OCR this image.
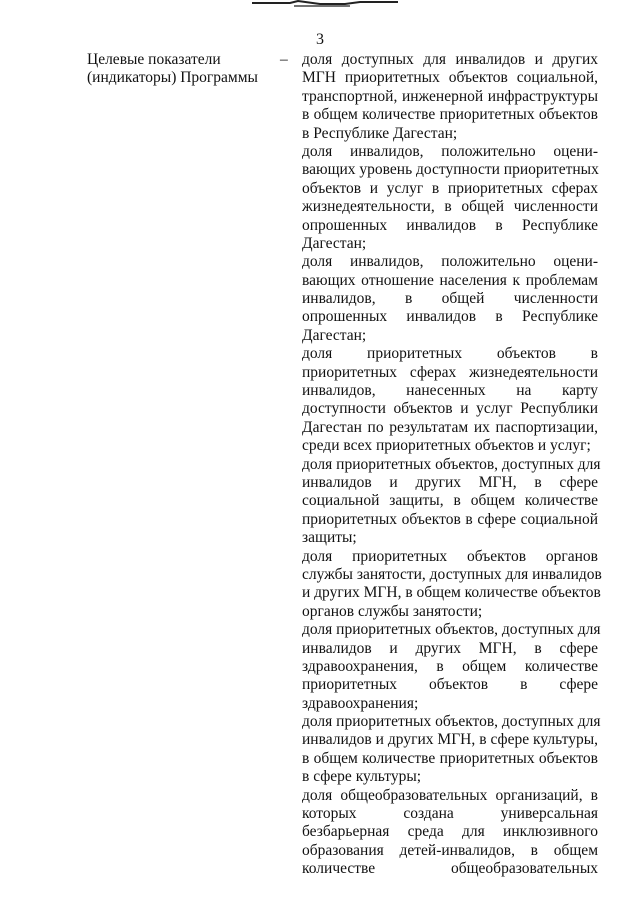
3
Целевые показатели
(индикаторы) Программы
– доля доступных для инвалидов и других
МГН приоритетных объектов социальной,
транспортной, инженерной инфраструктуры
в общем количестве приоритетных объектов
в Республике Дагестан;
доля инвалидов, положительно оцени-
вающих уровень доступности приоритетных
объектов и услуг в приоритетных сферах
жизнедеятельности, в общей численности
опрошенных инвалидов в Республике
Дагестан;
доля инвалидов, положительно оцени-
вающих отношение населения к проблемам
инвалидов, в общей численности
опрошенных инвалидов в Республике
Дагестан;
доля приоритетных объектов в
приоритетных сферах жизнедеятельности
инвалидов, нанесенных на карту
доступности объектов и услуг Республики
Дагестан по результатам их паспортизации,
среди всех приоритетных объектов и услуг;
доля приоритетных объектов, доступных для
инвалидов и других МГН, в сфере
социальной защиты, в общем количестве
приоритетных объектов в сфере социальной
защиты;
доля приоритетных объектов органов
службы занятости, доступных для инвалидов
и других МГН, в общем количестве объектов
органов службы занятости;
доля приоритетных объектов, доступных для
инвалидов и других МГН, в сфере
здравоохранения, в общем количестве
приоритетных объектов в сфере
здравоохранения;
доля приоритетных объектов, доступных для
инвалидов и других МГН, в сфере культуры,
в общем количестве приоритетных объектов
в сфере культуры;
доля общеобразовательных организаций, в
которых создана универсальная
безбарьерная среда для инклюзивного
образования детей-инвалидов, в общем
количестве общеобразовательных
